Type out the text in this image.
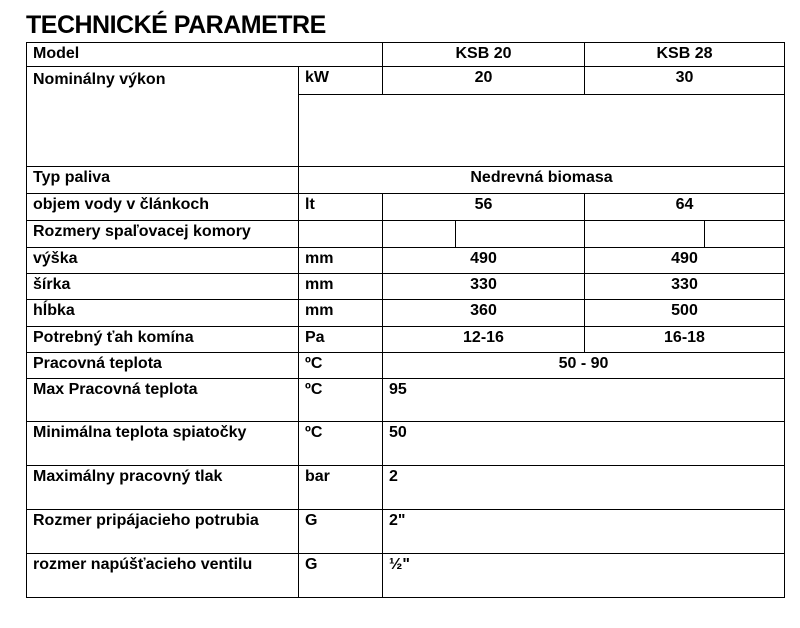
TECHNICKÉ PARAMETRE
Model		KSB 20		KSB 28	
Nominálny výkon	kW	20		30	

Typ paliva	Nedrevná biomasa				
objem vody v článkoch	lt	56		64	
Rozmery spaľovacej komory					
výška	mm	490		490	
šírka	mm	330		330	
hĺbka	mm	360		500	
Potrebný ťah komína	Pa	12-16		16-18	
Pracovná teplota	ºC	50 - 90			
Max Pracovná teplota	ºC	95			
Minimálna teplota spiatočky	ºC	50			
Maximálny pracovný tlak	bar	2			
Rozmer pripájacieho potrubia	G	2"			
rozmer napúšťacieho ventilu	G	½"			
